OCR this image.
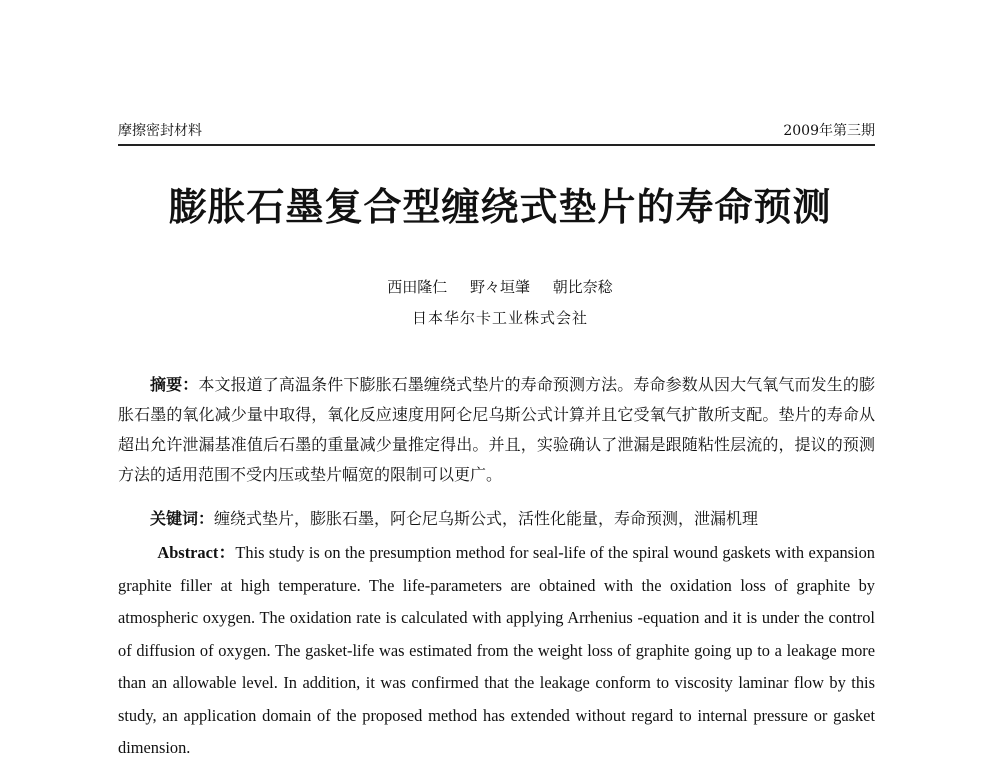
摩擦密封材料	2009年第三期
膨胀石墨复合型缠绕式垫片的寿命预测
西田隆仁 野々垣肇 朝比奈稔
日本华尔卡工业株式会社

摘要：本文报道了高温条件下膨胀石墨缠绕式垫片的寿命预测方法。寿命参数从因大气氧气而发生的膨胀石墨的氧化减少量中取得，氧化反应速度用阿仑尼乌斯公式计算并且它受氧气扩散所支配。垫片的寿命从超出允许泄漏基准值后石墨的重量减少量推定得出。并且，实验确认了泄漏是跟随粘性层流的，提议的预测方法的适用范围不受内压或垫片幅宽的限制可以更广。

关键词：缠绕式垫片，膨胀石墨，阿仑尼乌斯公式，活性化能量，寿命预测，泄漏机理

Abstract：This study is on the presumption method for seal-life of the spiral wound gaskets with expansion graphite filler at high temperature. The life-parameters are obtained with the oxidation loss of graphite by atmospheric oxygen. The oxidation rate is calculated with applying Arrhenius -equation and it is under the control of diffusion of oxygen. The gasket-life was estimated from the weight loss of graphite going up to a leakage more than an allowable level. In addition, it was confirmed that the leakage conform to viscosity laminar flow by this study, an application domain of the proposed method has extended without regard to internal pressure or gasket dimension.
